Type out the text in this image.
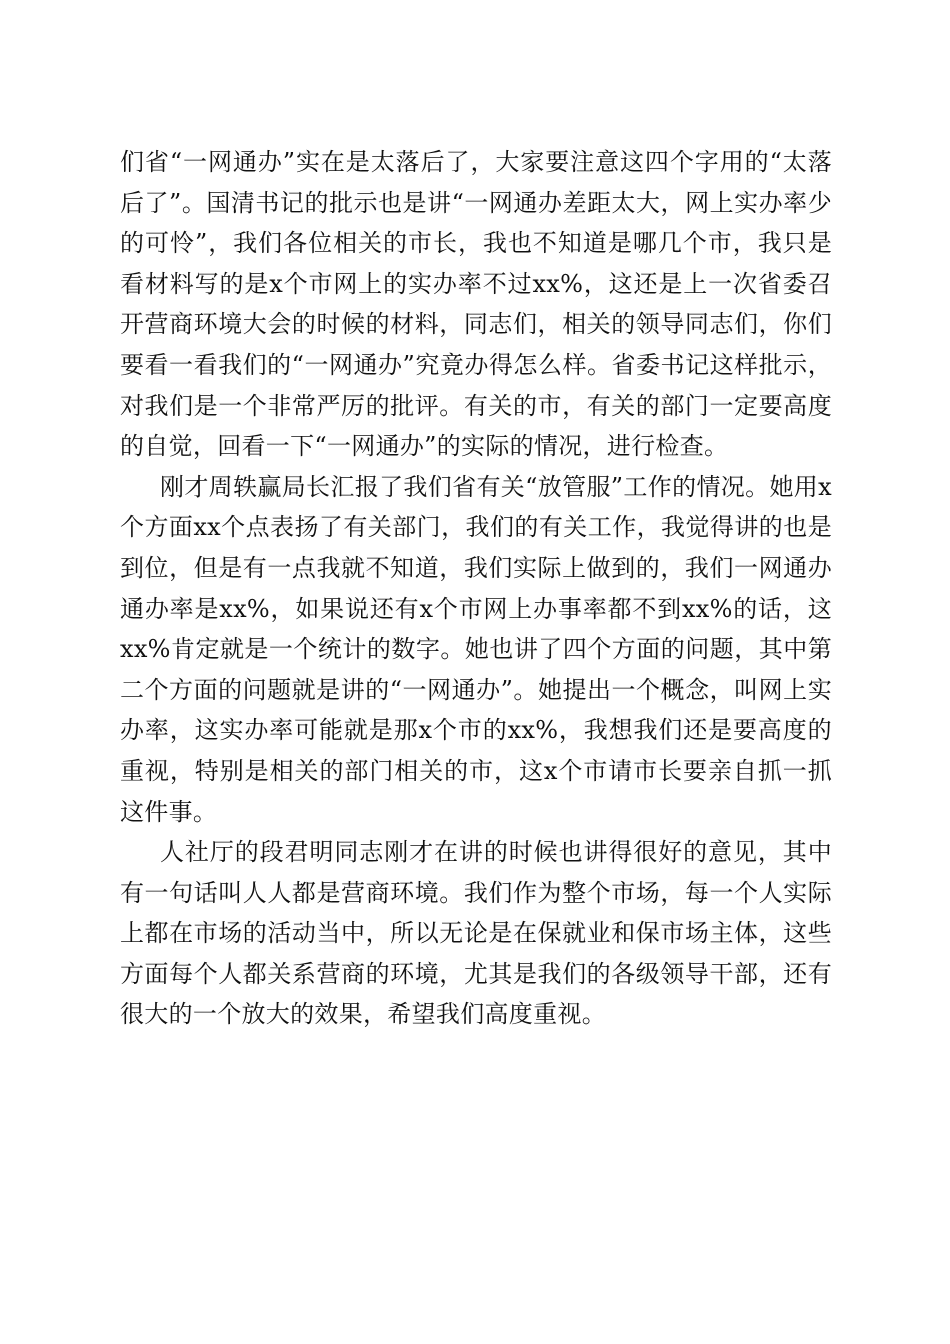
们省“一网通办”实在是太落后了，大家要注意这四个字用的“太落后了”。国清书记的批示也是讲“一网通办差距太大，网上实办率少的可怜”，我们各位相关的市长，我也不知道是哪几个市，我只是看材料写的是x个市网上的实办率不过xx%，这还是上一次省委召开营商环境大会的时候的材料，同志们，相关的领导同志们，你们要看一看我们的“一网通办”究竟办得怎么样。省委书记这样批示，对我们是一个非常严厉的批评。有关的市，有关的部门一定要高度的自觉，回看一下“一网通办”的实际的情况，进行检查。

刚才周轶赢局长汇报了我们省有关“放管服”工作的情况。她用x个方面xx个点表扬了有关部门，我们的有关工作，我觉得讲的也是到位，但是有一点我就不知道，我们实际上做到的，我们一网通办通办率是xx%，如果说还有x个市网上办事率都不到xx%的话，这xx%肯定就是一个统计的数字。她也讲了四个方面的问题，其中第二个方面的问题就是讲的“一网通办”。她提出一个概念，叫网上实办率，这实办率可能就是那x个市的xx%，我想我们还是要高度的重视，特别是相关的部门相关的市，这x个市请市长要亲自抓一抓这件事。

人社厅的段君明同志刚才在讲的时候也讲得很好的意见，其中有一句话叫人人都是营商环境。我们作为整个市场，每一个人实际上都在市场的活动当中，所以无论是在保就业和保市场主体，这些方面每个人都关系营商的环境，尤其是我们的各级领导干部，还有很大的一个放大的效果，希望我们高度重视。
